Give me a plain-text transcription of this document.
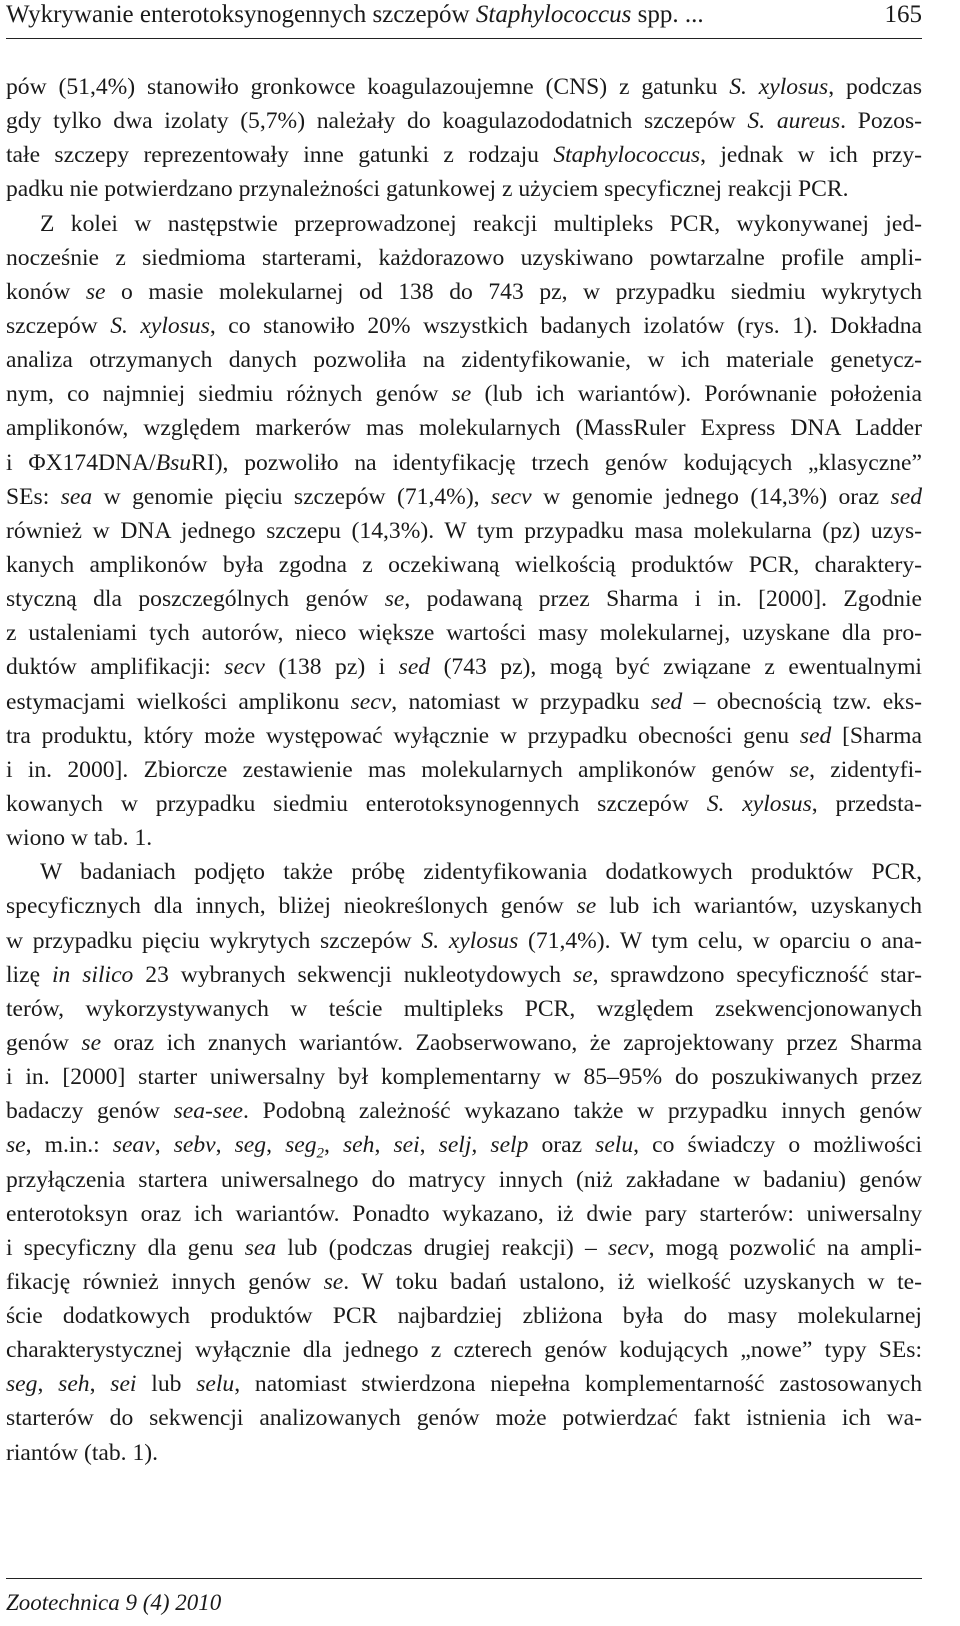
Wykrywanie enterotoksynogennych szczepów Staphylococcus spp. ...	165
pów (51,4%) stanowiło gronkowce koagulazoujemne (CNS) z gatunku S. xylosus, podczas
gdy tylko dwa izolaty (5,7%) należały do koagulazododatnich szczepów S. aureus. Pozos-
tałe szczepy reprezentowały inne gatunki z rodzaju Staphylococcus, jednak w ich przy-
padku nie potwierdzano przynależności gatunkowej z użyciem specyficznej reakcji PCR.
Z kolei w następstwie przeprowadzonej reakcji multipleks PCR, wykonywanej jed-
nocześnie z siedmioma starterami, każdorazowo uzyskiwano powtarzalne profile ampli-
konów se o masie molekularnej od 138 do 743 pz, w przypadku siedmiu wykrytych
szczepów S. xylosus, co stanowiło 20% wszystkich badanych izolatów (rys. 1). Dokładna
analiza otrzymanych danych pozwoliła na zidentyfikowanie, w ich materiale genetycz-
nym, co najmniej siedmiu różnych genów se (lub ich wariantów). Porównanie położenia
amplikonów, względem markerów mas molekularnych (MassRuler Express DNA Ladder
i ΦX174DNA/BsuRI), pozwoliło na identyfikację trzech genów kodujących „klasyczne”
SEs: sea w genomie pięciu szczepów (71,4%), secv w genomie jednego (14,3%) oraz sed
również w DNA jednego szczepu (14,3%). W tym przypadku masa molekularna (pz) uzys-
kanych amplikonów była zgodna z oczekiwaną wielkością produktów PCR, charaktery-
styczną dla poszczególnych genów se, podawaną przez Sharma i in. [2000]. Zgodnie
z ustaleniami tych autorów, nieco większe wartości masy molekularnej, uzyskane dla pro-
duktów amplifikacji: secv (138 pz) i sed (743 pz), mogą być związane z ewentualnymi
estymacjami wielkości amplikonu secv, natomiast w przypadku sed – obecnością tzw. eks-
tra produktu, który może występować wyłącznie w przypadku obecności genu sed [Sharma
i in. 2000]. Zbiorcze zestawienie mas molekularnych amplikonów genów se, zidentyfi-
kowanych w przypadku siedmiu enterotoksynogennych szczepów S. xylosus, przedsta-
wiono w tab. 1.
W badaniach podjęto także próbę zidentyfikowania dodatkowych produktów PCR,
specyficznych dla innych, bliżej nieokreślonych genów se lub ich wariantów, uzyskanych
w przypadku pięciu wykrytych szczepów S. xylosus (71,4%). W tym celu, w oparciu o ana-
lizę in silico 23 wybranych sekwencji nukleotydowych se, sprawdzono specyficzność star-
terów, wykorzystywanych w teście multipleks PCR, względem zsekwencjonowanych
genów se oraz ich znanych wariantów. Zaobserwowano, że zaprojektowany przez Sharma
i in. [2000] starter uniwersalny był komplementarny w 85–95% do poszukiwanych przez
badaczy genów sea-see. Podobną zależność wykazano także w przypadku innych genów
se, m.in.: seav, sebv, seg, seg$_2$, seh, sei, selj, selp oraz selu, co świadczy o możliwości
przyłączenia startera uniwersalnego do matrycy innych (niż zakładane w badaniu) genów
enterotoksyn oraz ich wariantów. Ponadto wykazano, iż dwie pary starterów: uniwersalny
i specyficzny dla genu sea lub (podczas drugiej reakcji) – secv, mogą pozwolić na ampli-
fikację również innych genów se. W toku badań ustalono, iż wielkość uzyskanych w te-
ście dodatkowych produktów PCR najbardziej zbliżona była do masy molekularnej
charakterystycznej wyłącznie dla jednego z czterech genów kodujących „nowe” typy SEs:
seg, seh, sei lub selu, natomiast stwierdzona niepełna komplementarność zastosowanych
starterów do sekwencji analizowanych genów może potwierdzać fakt istnienia ich wa-
riantów (tab. 1).
Zootechnica 9 (4) 2010
